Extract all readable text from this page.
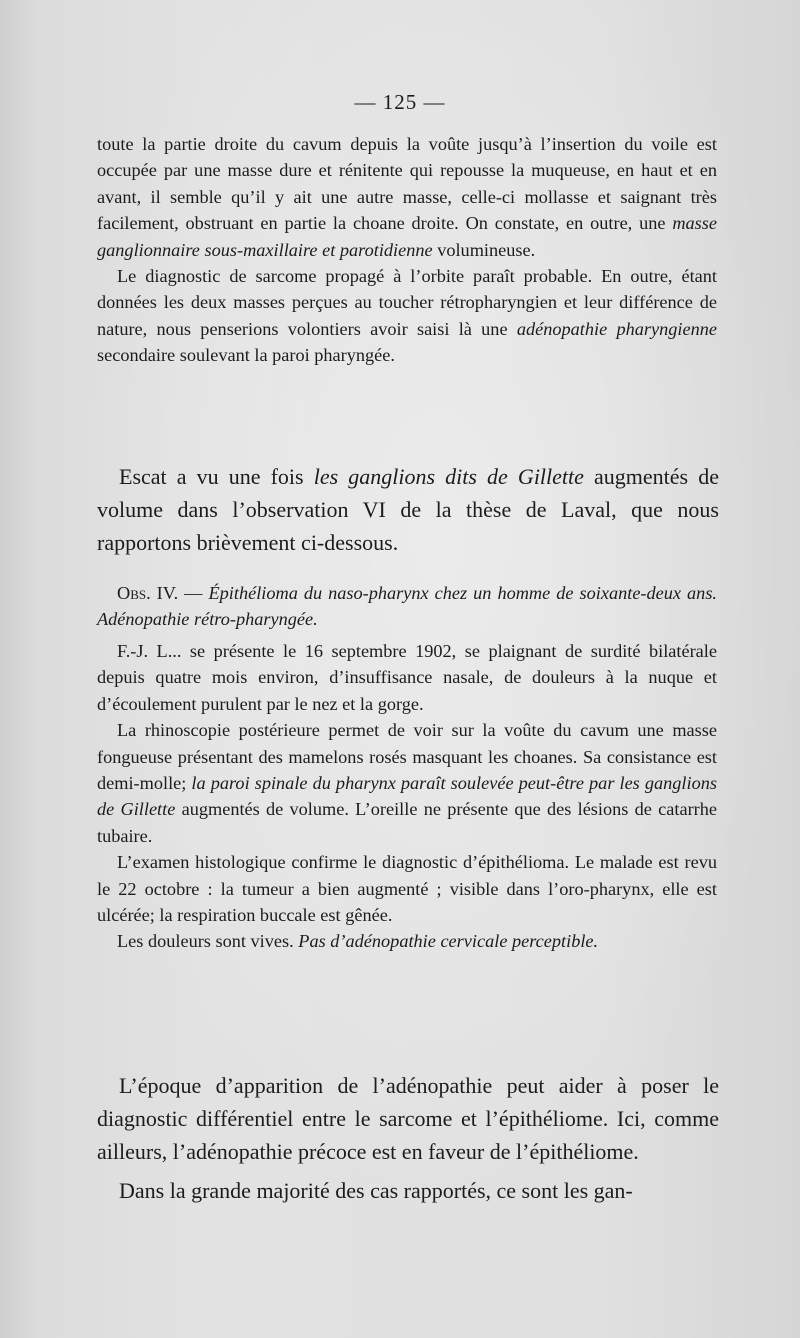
— 125 —

toute la partie droite du cavum depuis la voûte jusqu’à l’insertion du voile est occupée par une masse dure et rénitente qui repousse la muqueuse, en haut et en avant, il semble qu’il y ait une autre masse, celle-ci mollasse et saignant très facilement, obstruant en partie la choane droite. On constate, en outre, une masse ganglionnaire sous-maxillaire et parotidienne volumineuse.

Le diagnostic de sarcome propagé à l’orbite paraît probable. En outre, étant données les deux masses perçues au toucher rétropharyngien et leur différence de nature, nous penserions volontiers avoir saisi là une adénopathie pharyngienne secondaire soulevant la paroi pharyngée.

Escat a vu une fois les ganglions dits de Gillette augmentés de volume dans l’observation VI de la thèse de Laval, que nous rapportons brièvement ci-dessous.

Obs. IV. — Épithélioma du naso-pharynx chez un homme de soixante-deux ans. Adénopathie rétro-pharyngée.

F.-J. L... se présente le 16 septembre 1902, se plaignant de surdité bilatérale depuis quatre mois environ, d’insuffisance nasale, de douleurs à la nuque et d’écoulement purulent par le nez et la gorge.

La rhinoscopie postérieure permet de voir sur la voûte du cavum une masse fongueuse présentant des mamelons rosés masquant les choanes. Sa consistance est demi-molle; la paroi spinale du pharynx paraît soulevée peut-être par les ganglions de Gillette augmentés de volume. L’oreille ne présente que des lésions de catarrhe tubaire.

L’examen histologique confirme le diagnostic d’épithélioma. Le malade est revu le 22 octobre : la tumeur a bien augmenté ; visible dans l’oro-pharynx, elle est ulcérée; la respiration buccale est gênée.

Les douleurs sont vives. Pas d’adénopathie cervicale perceptible.

L’époque d’apparition de l’adénopathie peut aider à poser le diagnostic différentiel entre le sarcome et l’épithéliome. Ici, comme ailleurs, l’adénopathie précoce est en faveur de l’épithéliome.

Dans la grande majorité des cas rapportés, ce sont les gan-
